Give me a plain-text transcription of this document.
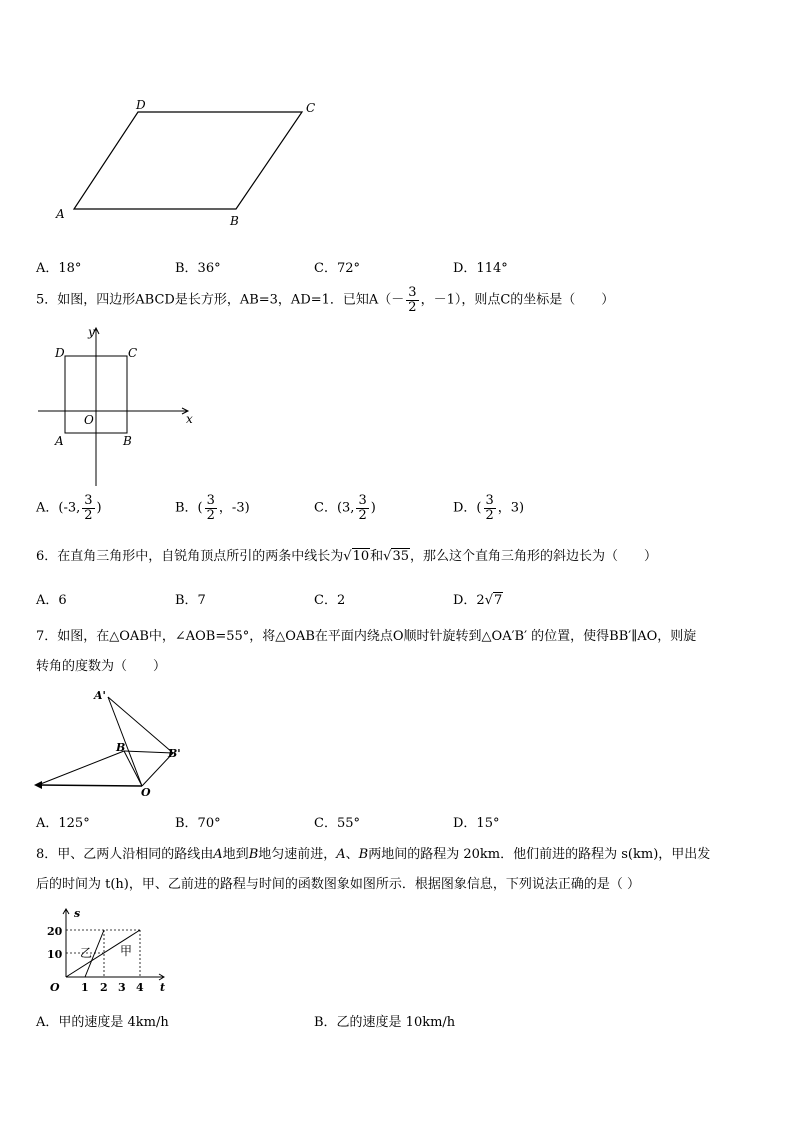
D	C
A	B
A．18°	B．36°	C．72°	D．114°
5．如图，四边形ABCD是长方形，AB=3，AD=1．已知$A(- \frac{3}{2}$ ，－1），则点C的坐标是（　　）
y
x
O
D	C
A	B
A．(-3, $\frac{3}{2}$ )	B．( $\frac{3}{2}$ ，-3)	C．(3, $\frac{3}{2}$ )	D．( $\frac{3}{2}$ ，3)
6．在直角三角形中，自锐角顶点所引的两条中线长为√10和√35，那么这个直角三角形的斜边长为（　　）
A．6	B．7	C．2	D．2√7
7．如图，在△OAB中，∠AOB=55°，将△OAB在平面内绕点O顺时针旋转到△OA′B′ 的位置，使得BB′∥AO，则旋
转角的度数为（　　）
A'
B	B'
O
A．125°	B．70°	C．55°	D．15°
8．甲、乙两人沿相同的路线由A地到B地匀速前进，A、B两地间的路程为 20km．他们前进的路程为 s(km)，甲出发
后的时间为 t(h)，甲、乙前进的路程与时间的函数图象如图所示．根据图象信息，下列说法正确的是（ ）
s
t
O
20
10
1 2 3 4
乙 甲
A．甲的速度是 4km/h	B．乙的速度是 10km/h
